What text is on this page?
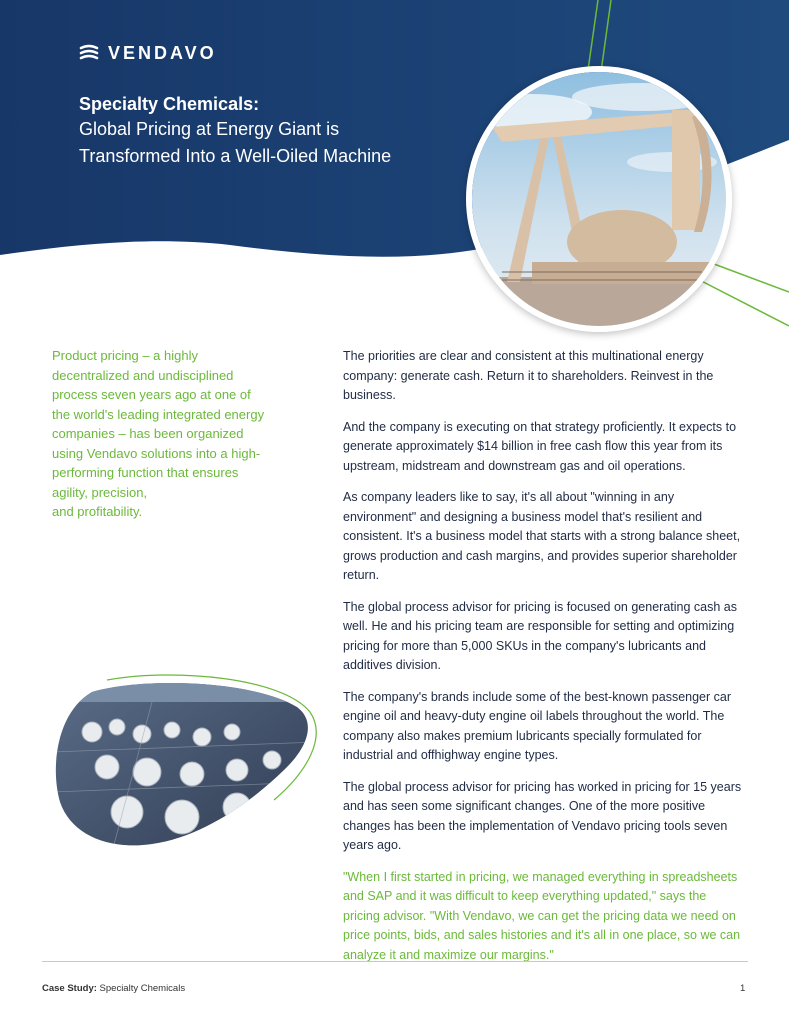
VENDAVO

Specialty Chemicals:

Global Pricing at Energy Giant is

Transformed Into a Well-Oiled Machine

Product pricing – a highly

decentralized and undisciplined

process seven years ago at one of

the world's leading integrated energy

companies – has been organized

using Vendavo solutions into a high-

performing function that ensures

agility, precision,

and profitability.

The priorities are clear and consistent at this multinational energy company: generate cash. Return it to shareholders. Reinvest in the business.

And the company is executing on that strategy proficiently. It expects to generate approximately $14 billion in free cash flow this year from its upstream, midstream and downstream gas and oil operations.

As company leaders like to say, it's all about "winning in any environment" and designing a business model that's resilient and consistent. It's a business model that starts with a strong balance sheet, grows production and cash margins, and provides superior shareholder return.

The global process advisor for pricing is focused on generating cash as well. He and his pricing team are responsible for setting and optimizing pricing for more than 5,000 SKUs in the company's lubricants and additives division.

The company's brands include some of the best-known passenger car engine oil and heavy-duty engine oil labels throughout the world. The company also makes premium lubricants specially formulated for industrial and offhighway engine types.

The global process advisor for pricing has worked in pricing for 15 years and has seen some significant changes. One of the more positive changes has been the implementation of Vendavo pricing tools seven years ago.

"When I first started in pricing, we managed everything in spreadsheets and SAP and it was difficult to keep everything updated," says the pricing advisor. "With Vendavo, we can get the pricing data we need on price points, bids, and sales histories and it's all in one place, so we can analyze it and maximize our margins."

Case Study: Specialty Chemicals	1
